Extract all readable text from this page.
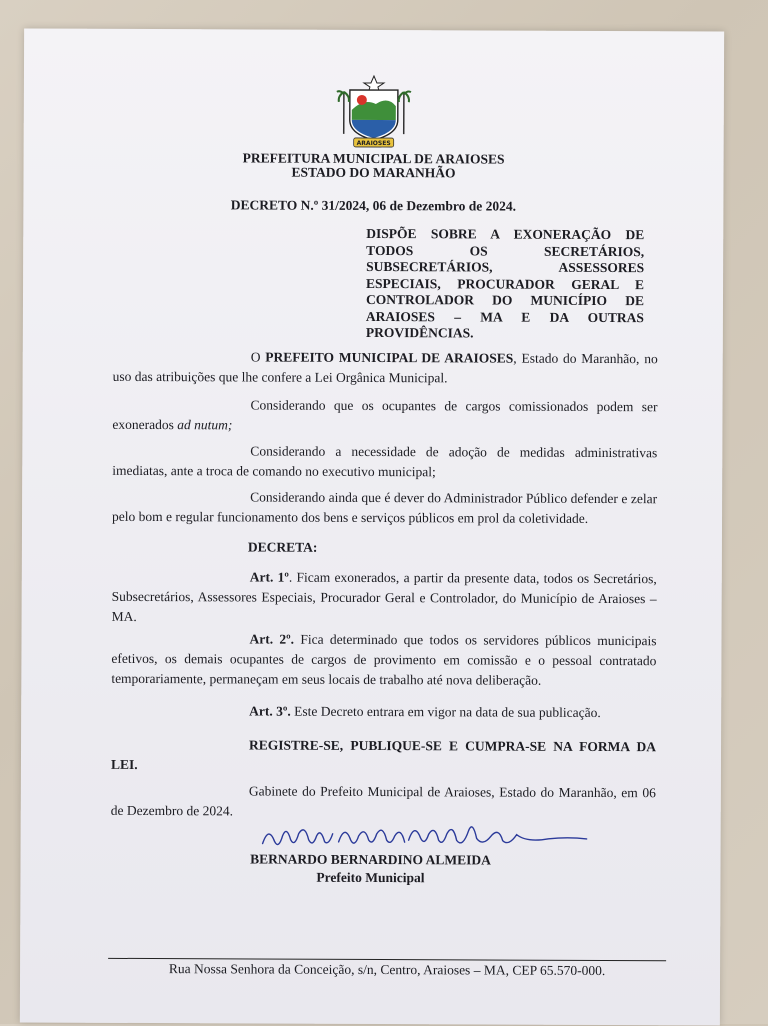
ARAIOSES

PREFEITURA MUNICIPAL DE ARAIOSES

ESTADO DO MARANHÃO

DECRETO N.º 31/2024, 06 de Dezembro de 2024.

DISPÕE SOBRE A EXONERAÇÃO DE TODOS OS SECRETÁRIOS, SUBSECRETÁRIOS, ASSESSORES ESPECIAIS, PROCURADOR GERAL E CONTROLADOR DO MUNICÍPIO DE ARAIOSES – MA E DA OUTRAS PROVIDÊNCIAS.

O PREFEITO MUNICIPAL DE ARAIOSES, Estado do Maranhão, no uso das atribuições que lhe confere a Lei Orgânica Municipal.

Considerando que os ocupantes de cargos comissionados podem ser exonerados ad nutum;

Considerando a necessidade de adoção de medidas administrativas imediatas, ante a troca de comando no executivo municipal;

Considerando ainda que é dever do Administrador Público defender e zelar pelo bom e regular funcionamento dos bens e serviços públicos em prol da coletividade.

DECRETA:

Art. 1º. Ficam exonerados, a partir da presente data, todos os Secretários, Subsecretários, Assessores Especiais, Procurador Geral e Controlador, do Município de Araioses – MA.

Art. 2º. Fica determinado que todos os servidores públicos municipais efetivos, os demais ocupantes de cargos de provimento em comissão e o pessoal contratado temporariamente, permaneçam em seus locais de trabalho até nova deliberação.

Art. 3º. Este Decreto entrara em vigor na data de sua publicação.

REGISTRE-SE, PUBLIQUE-SE E CUMPRA-SE NA FORMA DA LEI.

Gabinete do Prefeito Municipal de Araioses, Estado do Maranhão, em 06 de Dezembro de 2024.

BERNARDO BERNARDINO ALMEIDA

Prefeito Municipal

Rua Nossa Senhora da Conceição, s/n, Centro, Araioses – MA, CEP 65.570-000.
